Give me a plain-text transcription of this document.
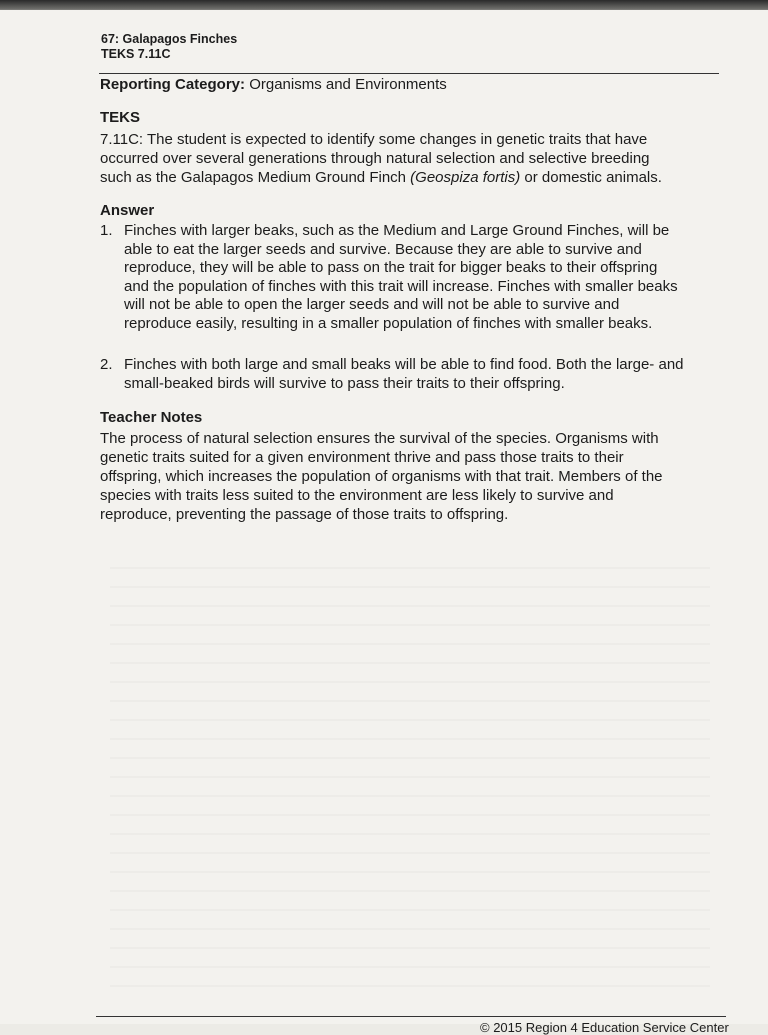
67: Galapagos Finches
TEKS 7.11C
Reporting Category: Organisms and Environments
TEKS
7.11C: The student is expected to identify some changes in genetic traits that have
occurred over several generations through natural selection and selective breeding
such as the Galapagos Medium Ground Finch (Geospiza fortis) or domestic animals.
Answer
1. Finches with larger beaks, such as the Medium and Large Ground Finches, will be
able to eat the larger seeds and survive. Because they are able to survive and
reproduce, they will be able to pass on the trait for bigger beaks to their offspring
and the population of finches with this trait will increase. Finches with smaller beaks
will not be able to open the larger seeds and will not be able to survive and
reproduce easily, resulting in a smaller population of finches with smaller beaks.
2. Finches with both large and small beaks will be able to find food. Both the large- and
small-beaked birds will survive to pass their traits to their offspring.
Teacher Notes
The process of natural selection ensures the survival of the species. Organisms with
genetic traits suited for a given environment thrive and pass those traits to their
offspring, which increases the population of organisms with that trait. Members of the
species with traits less suited to the environment are less likely to survive and
reproduce, preventing the passage of those traits to offspring.
© 2015 Region 4 Education Service Center
